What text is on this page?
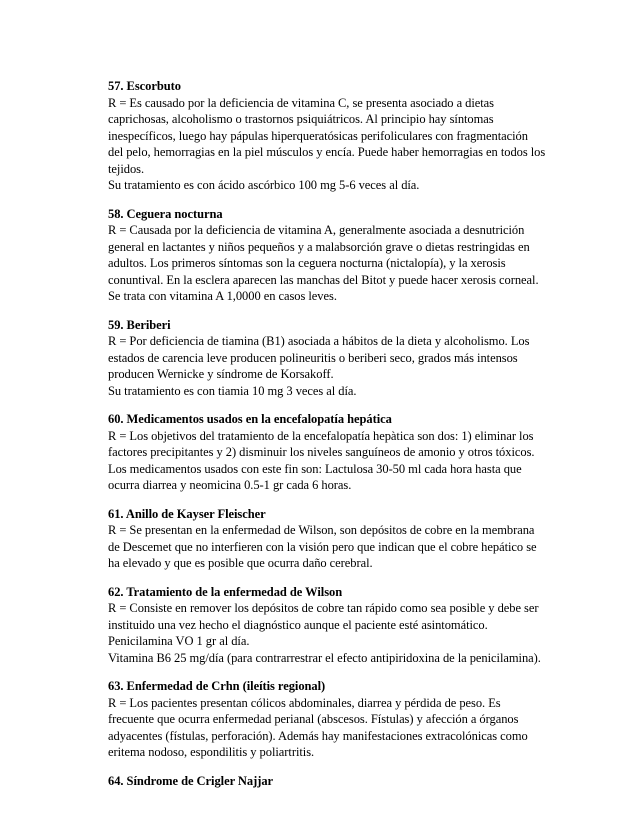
57. Escorbuto
R = Es causado por la deficiencia de vitamina C, se presenta asociado a dietas
caprichosas, alcoholismo o trastornos psiquiátricos. Al principio hay síntomas
inespecíficos, luego hay pápulas hiperqueratósicas perifoliculares con fragmentación
del pelo, hemorragias en la piel músculos y encía. Puede haber hemorragias en todos los
tejidos.
Su tratamiento es con ácido ascórbico 100 mg 5-6 veces al día.
58. Ceguera nocturna
R = Causada por la deficiencia de vitamina A, generalmente asociada a desnutrición
general en lactantes y niños pequeños y a malabsorción grave o dietas restringidas en
adultos. Los primeros síntomas son la ceguera nocturna (nictalopía), y la xerosis
conuntival. En la esclera aparecen las manchas del Bitot y puede hacer xerosis corneal.
Se trata con vitamina A 1,0000 en casos leves.
59. Beriberi
R = Por deficiencia de tiamina (B1) asociada a hábitos de la dieta y alcoholismo. Los
estados de carencia leve producen polineuritis o beriberi seco, grados más intensos
producen Wernicke y síndrome de Korsakoff.
Su tratamiento es con tiamia 10 mg 3 veces al día.
60. Medicamentos usados en la encefalopatía hepática
R = Los objetivos del tratamiento de la encefalopatía hepàtica son dos: 1) eliminar los
factores precipitantes y 2) disminuir los niveles sanguíneos de amonio y otros tóxicos.
Los medicamentos usados con este fin son: Lactulosa 30-50 ml cada hora hasta que
ocurra diarrea y neomicina 0.5-1 gr cada 6 horas.
61. Anillo de Kayser Fleischer
R = Se presentan en la enfermedad de Wilson, son depósitos de cobre en la membrana
de Descemet que no interfieren con la visión pero que indican que el cobre hepático se
ha elevado y que es posible que ocurra daño cerebral.
62. Tratamiento de la enfermedad de Wilson
R = Consiste en remover los depósitos de cobre tan rápido como sea posible y debe ser
instituido una vez hecho el diagnóstico aunque el paciente esté asintomático.
Penicilamina VO 1 gr al día.
Vitamina B6 25 mg/día (para contrarrestrar el efecto antipiridoxina de la penicilamina).
63. Enfermedad de Crhn (ileítis regional)
R = Los pacientes presentan cólicos abdominales, diarrea y pérdida de peso. Es
frecuente que ocurra enfermedad perianal (abscesos. Fístulas) y afección a órganos
adyacentes (fístulas, perforación). Además hay manifestaciones extracolónicas como
eritema nodoso, espondilitis y poliartritis.
64. Síndrome de Crigler Najjar
